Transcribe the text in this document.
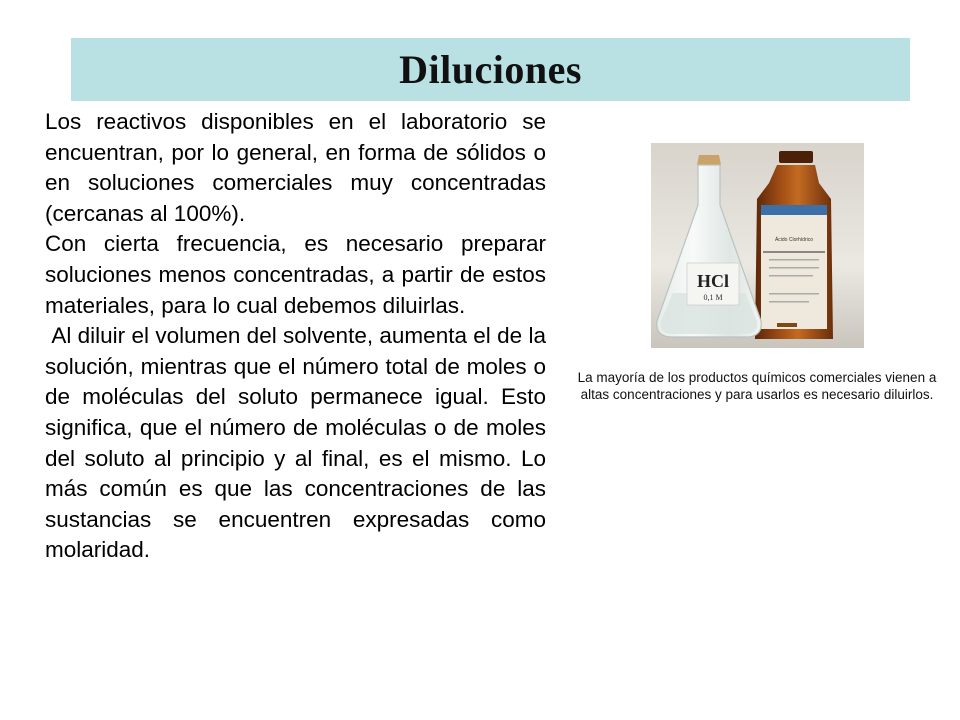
Diluciones

Los reactivos disponibles en el laboratorio se encuentran, por lo general, en forma de sólidos o en soluciones comerciales muy concentradas (cercanas al 100%).

Con cierta frecuencia, es necesario preparar soluciones menos concentradas, a partir de estos materiales, para lo cual debemos diluirlas.

Al diluir el volumen del solvente, aumenta el de la solución, mientras que el número total de moles o de moléculas del soluto permanece igual. Esto significa, que el número de moléculas o de moles del soluto al principio y al final, es el mismo. Lo más común es que las concentraciones de las sustancias se encuentren expresadas como molaridad.

HCl
0,1 M
Ácido Clorhídrico
La mayoría de los productos químicos comerciales vienen a altas concentraciones y para usarlos es necesario diluirlos.
